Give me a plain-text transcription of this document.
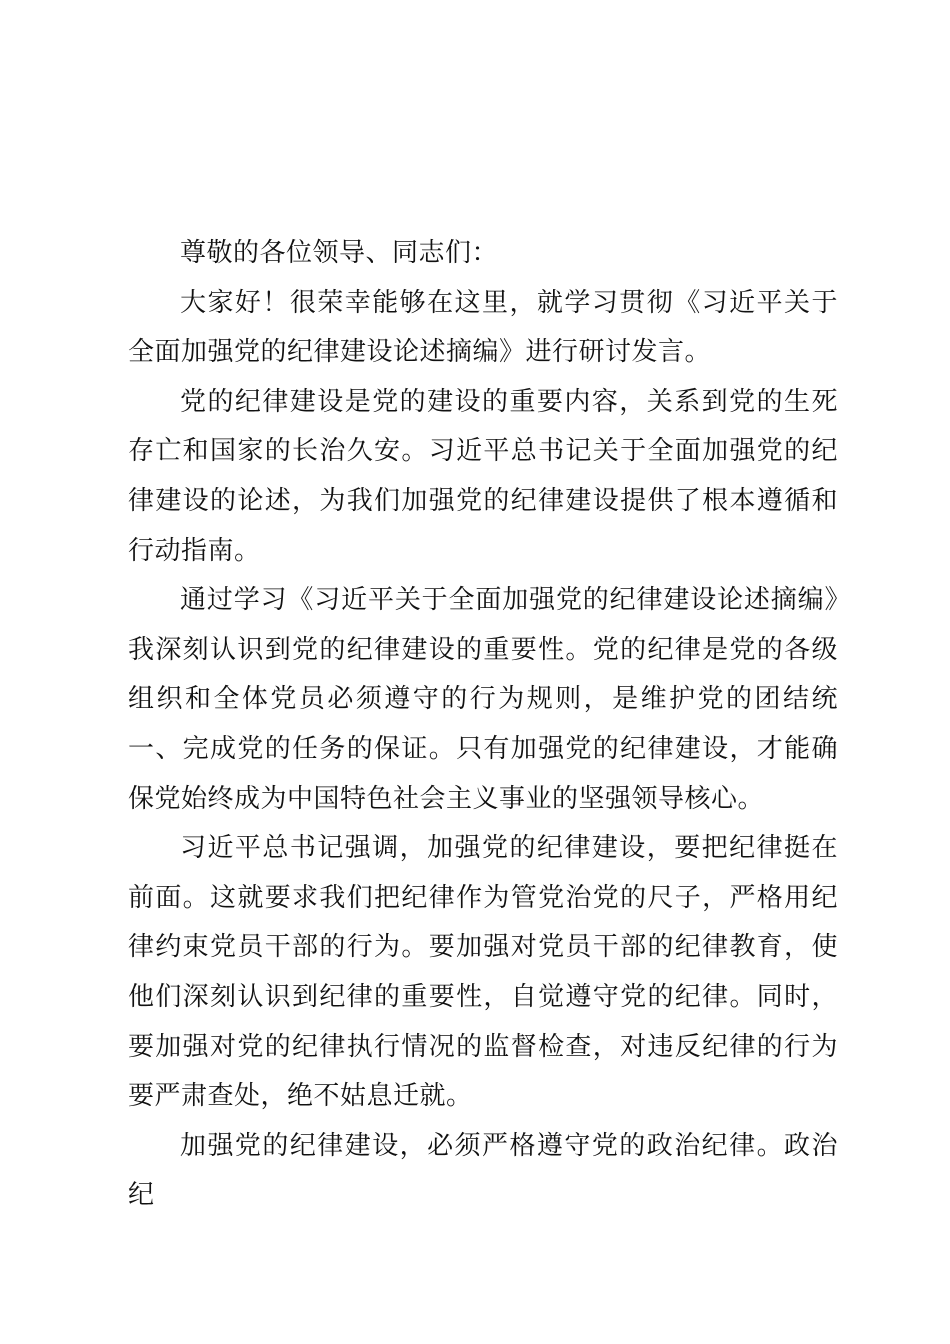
尊敬的各位领导、同志们：

大家好！很荣幸能够在这里，就学习贯彻《习近平关于全面加强党的纪律建设论述摘编》进行研讨发言。

党的纪律建设是党的建设的重要内容，关系到党的生死存亡和国家的长治久安。习近平总书记关于全面加强党的纪律建设的论述，为我们加强党的纪律建设提供了根本遵循和行动指南。

通过学习《习近平关于全面加强党的纪律建设论述摘编》我深刻认识到党的纪律建设的重要性。党的纪律是党的各级组织和全体党员必须遵守的行为规则，是维护党的团结统一、完成党的任务的保证。只有加强党的纪律建设，才能确保党始终成为中国特色社会主义事业的坚强领导核心。

习近平总书记强调，加强党的纪律建设，要把纪律挺在前面。这就要求我们把纪律作为管党治党的尺子，严格用纪律约束党员干部的行为。要加强对党员干部的纪律教育，使他们深刻认识到纪律的重要性，自觉遵守党的纪律。同时，要加强对党的纪律执行情况的监督检查，对违反纪律的行为要严肃查处，绝不姑息迁就。

加强党的纪律建设，必须严格遵守党的政治纪律。政治纪
